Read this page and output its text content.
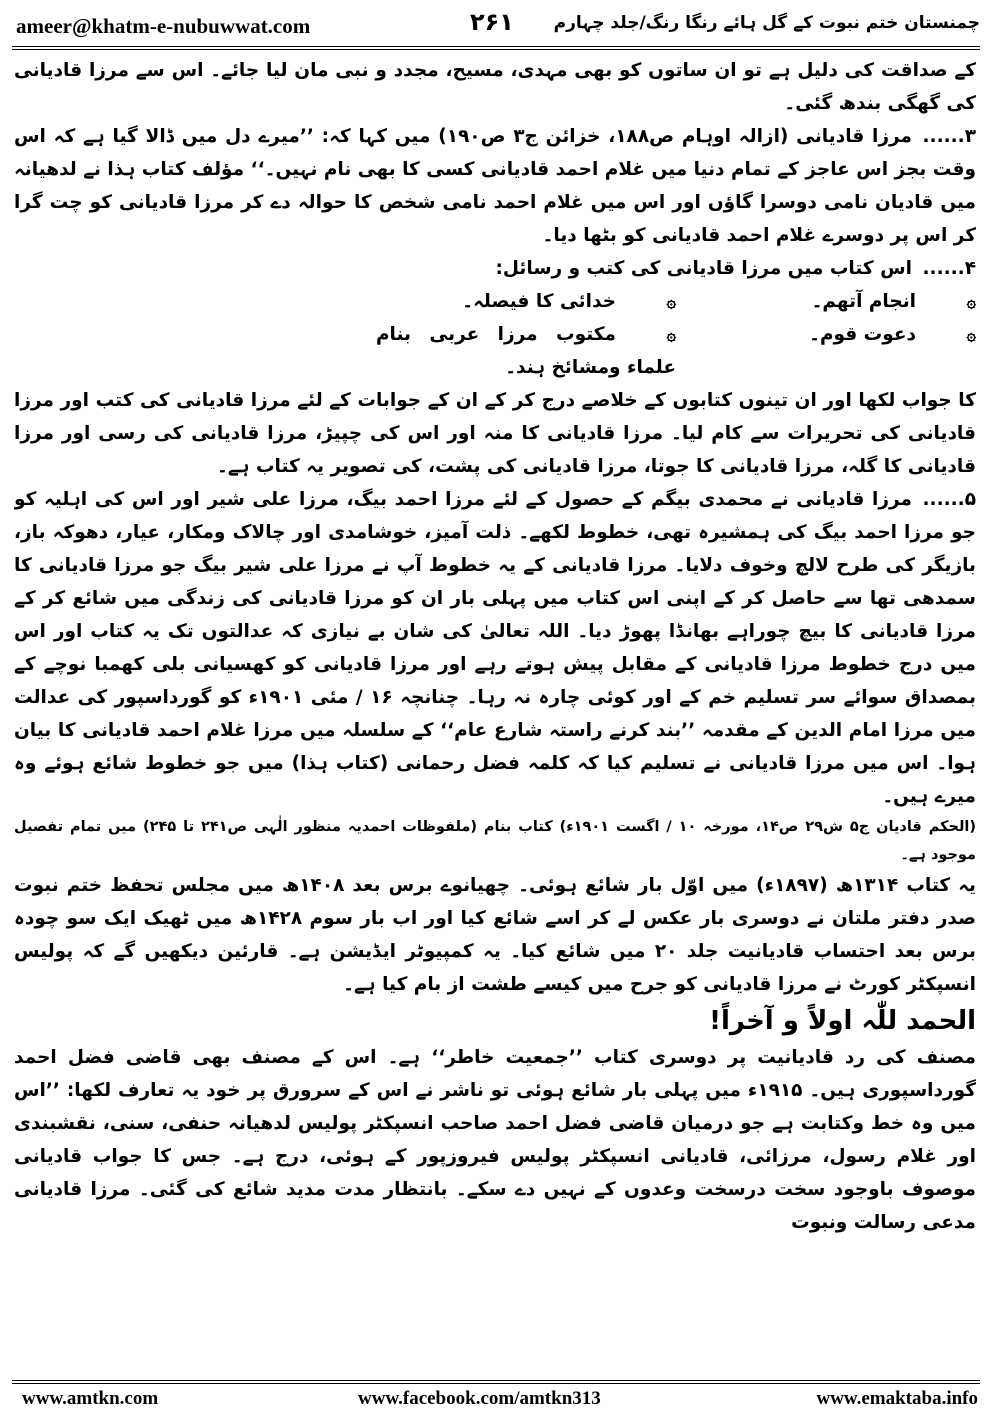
ameer@khatm-e-nubuwwat.com	۲۶۱ چمنستان ختم نبوت کے گل ہائے رنگا رنگ/جلد چہارم

کے صداقت کی دلیل ہے تو ان ساتوں کو بھی مہدی، مسیح، مجدد و نبی مان لیا جائے۔ اس سے مرزا قادیانی کی گھگی بندھ گئی۔

۳......مرزا قادیانی (ازالہ اوہام ص۱۸۸، خزائن ج۳ ص۱۹۰) میں کہا کہ: ’’میرے دل میں ڈالا گیا ہے کہ اس وقت بجز اس عاجز کے تمام دنیا میں غلام احمد قادیانی کسی کا بھی نام نہیں۔‘‘ مؤلف کتاب ہذا نے لدھیانہ میں قادیان نامی دوسرا گاؤں اور اس میں غلام احمد نامی شخص کا حوالہ دے کر مرزا قادیانی کو چت گرا کر اس پر دوسرے غلام احمد قادیانی کو بٹھا دیا۔

۴......اس کتاب میں مرزا قادیانی کی کتب و رسائل:

۞انجام آتھم۔
۞خدائی کا فیصلہ۔
۞دعوت قوم۔
۞مکتوب مرزا عربی بنام علماء ومشائخ ہند۔

کا جواب لکھا اور ان تینوں کتابوں کے خلاصے درج کر کے ان کے جوابات کے لئے مرزا قادیانی کی کتب اور مرزا قادیانی کی تحریرات سے کام لیا۔ مرزا قادیانی کا منہ اور اس کی چپیڑ، مرزا قادیانی کی رسی اور مرزا قادیانی کا گلہ، مرزا قادیانی کا جوتا، مرزا قادیانی کی پشت، کی تصویر یہ کتاب ہے۔

۵......مرزا قادیانی نے محمدی بیگم کے حصول کے لئے مرزا احمد بیگ، مرزا علی شیر اور اس کی اہلیہ کو جو مرزا احمد بیگ کی ہمشیرہ تھی، خطوط لکھے۔ ذلت آمیز، خوشامدی اور چالاک ومکار، عیار، دھوکہ باز، بازیگر کی طرح لالچ وخوف دلایا۔ مرزا قادیانی کے یہ خطوط آپ نے مرزا علی شیر بیگ جو مرزا قادیانی کا سمدھی تھا سے حاصل کر کے اپنی اس کتاب میں پہلی بار ان کو مرزا قادیانی کی زندگی میں شائع کر کے مرزا قادیانی کا بیچ چوراہے بھانڈا پھوڑ دیا۔ اللہ تعالیٰ کی شان بے نیازی کہ عدالتوں تک یہ کتاب اور اس میں درج خطوط مرزا قادیانی کے مقابل پیش ہوتے رہے اور مرزا قادیانی کو کھسیانی بلی کھمبا نوچے کے بمصداق سوائے سر تسلیم خم کے اور کوئی چارہ نہ رہا۔ چنانچہ ۱۶ / مئی ۱۹۰۱ء کو گورداسپور کی عدالت میں مرزا امام الدین کے مقدمہ ’’بند کرنے راستہ شارع عام‘‘ کے سلسلہ میں مرزا غلام احمد قادیانی کا بیان ہوا۔ اس میں مرزا قادیانی نے تسلیم کیا کہ کلمہ فضل رحمانی (کتاب ہذا) میں جو خطوط شائع ہوئے وہ میرے ہیں۔

(الحکم قادیان ج۵ ش۲۹ ص۱۴، مورخہ ۱۰ / اگست ۱۹۰۱ء) کتاب بنام (ملفوظات احمدیہ منظور الٰہی ص۲۴۱ تا ۲۴۵) میں تمام تفصیل موجود ہے۔

یہ کتاب ۱۳۱۴ھ (۱۸۹۷ء) میں اوّل بار شائع ہوئی۔ چھیانوے برس بعد ۱۴۰۸ھ میں مجلس تحفظ ختم نبوت صدر دفتر ملتان نے دوسری بار عکس لے کر اسے شائع کیا اور اب بار سوم ۱۴۲۸ھ میں ٹھیک ایک سو چودہ برس بعد احتساب قادیانیت جلد ۲۰ میں شائع کیا۔ یہ کمپیوٹر ایڈیشن ہے۔ قارئین دیکھیں گے کہ پولیس انسپکٹر کورٹ نے مرزا قادیانی کو جرح میں کیسے طشت از بام کیا ہے۔

الحمد للّٰہ اولاً و آخراً!

مصنف کی رد قادیانیت پر دوسری کتاب ’’جمعیت خاطر‘‘ ہے۔ اس کے مصنف بھی قاضی فضل احمد گورداسپوری ہیں۔ ۱۹۱۵ء میں پہلی بار شائع ہوئی تو ناشر نے اس کے سرورق پر خود یہ تعارف لکھا: ’’اس میں وہ خط وکتابت ہے جو درمیان قاضی فضل احمد صاحب انسپکٹر پولیس لدھیانہ حنفی، سنی، نقشبندی اور غلام رسول، مرزائی، قادیانی انسپکٹر پولیس فیروزپور کے ہوئی، درج ہے۔ جس کا جواب قادیانی موصوف باوجود سخت درسخت وعدوں کے نہیں دے سکے۔ بانتظار مدت مدید شائع کی گئی۔ مرزا قادیانی مدعی رسالت ونبوت

www.amtkn.com	www.facebook.com/amtkn313	www.emaktaba.info
